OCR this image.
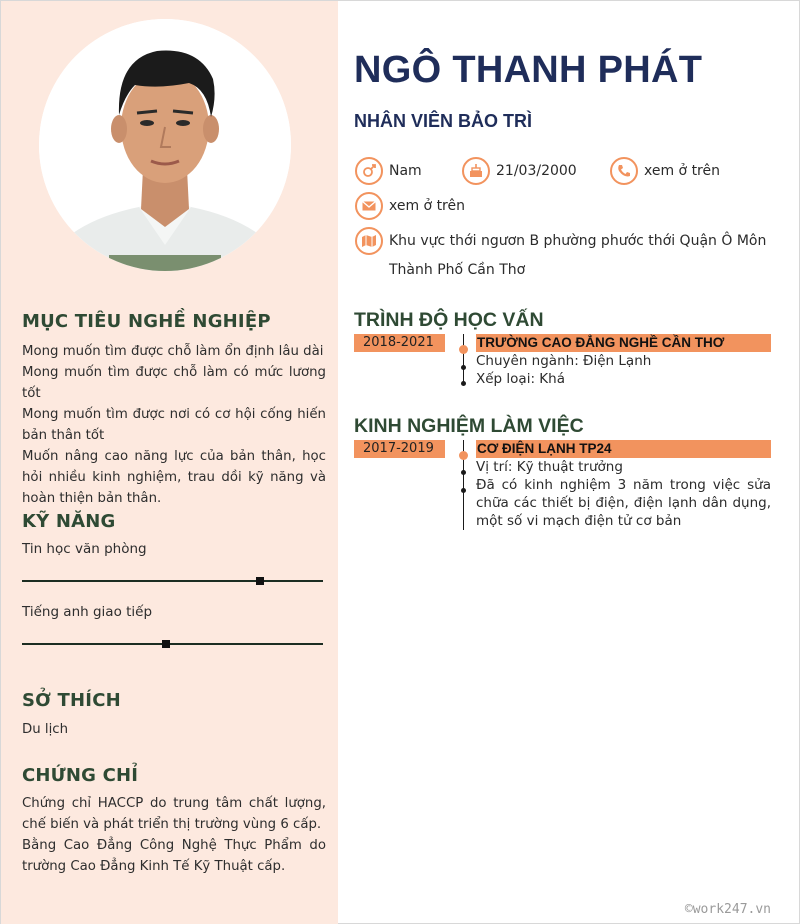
MỤC TIÊU NGHỀ NGHIỆP

Mong muốn tìm được chỗ làm ổn định lâu dài

Mong muốn tìm được chỗ làm có mức lương tốt

Mong muốn tìm được nơi có cơ hội cống hiến bản thân tốt

Muốn nâng cao năng lực của bản thân, học hỏi nhiều kinh nghiệm, trau dồi kỹ năng và hoàn thiện bản thân.

KỸ NĂNG
Tin học văn phòng
Tiếng anh giao tiếp
SỞ THÍCH

Du lịch

CHỨNG CHỈ

Chứng chỉ HACCP do trung tâm chất lượng, chế biến và phát triển thị trường vùng 6 cấp.

Bằng Cao Đẳng Công Nghệ Thực Phẩm do trường Cao Đẳng Kinh Tế Kỹ Thuật cấp.

NGÔ THANH PHÁT
NHÂN VIÊN BẢO TRÌ
Nam	21/03/2000	xem ở trên
xem ở trên
Khu vực thới ngươn B phường phước thới Quận Ô Môn
Thành Phố Cần Thơ
TRÌNH ĐỘ HỌC VẤN
2018-2021	TRƯỜNG CAO ĐẲNG NGHỀ CẦN THƠ
Chuyên ngành: Điện Lạnh
Xếp loại: Khá
KINH NGHIỆM LÀM VIỆC
2017-2019	CƠ ĐIỆN LẠNH TP24
Vị trí: Kỹ thuật trưởng
Đã có kinh nghiệm 3 năm trong việc sửa chữa các thiết bị điện, điện lạnh dân dụng, một số vi mạch điện tử cơ bản
©work247.vn
